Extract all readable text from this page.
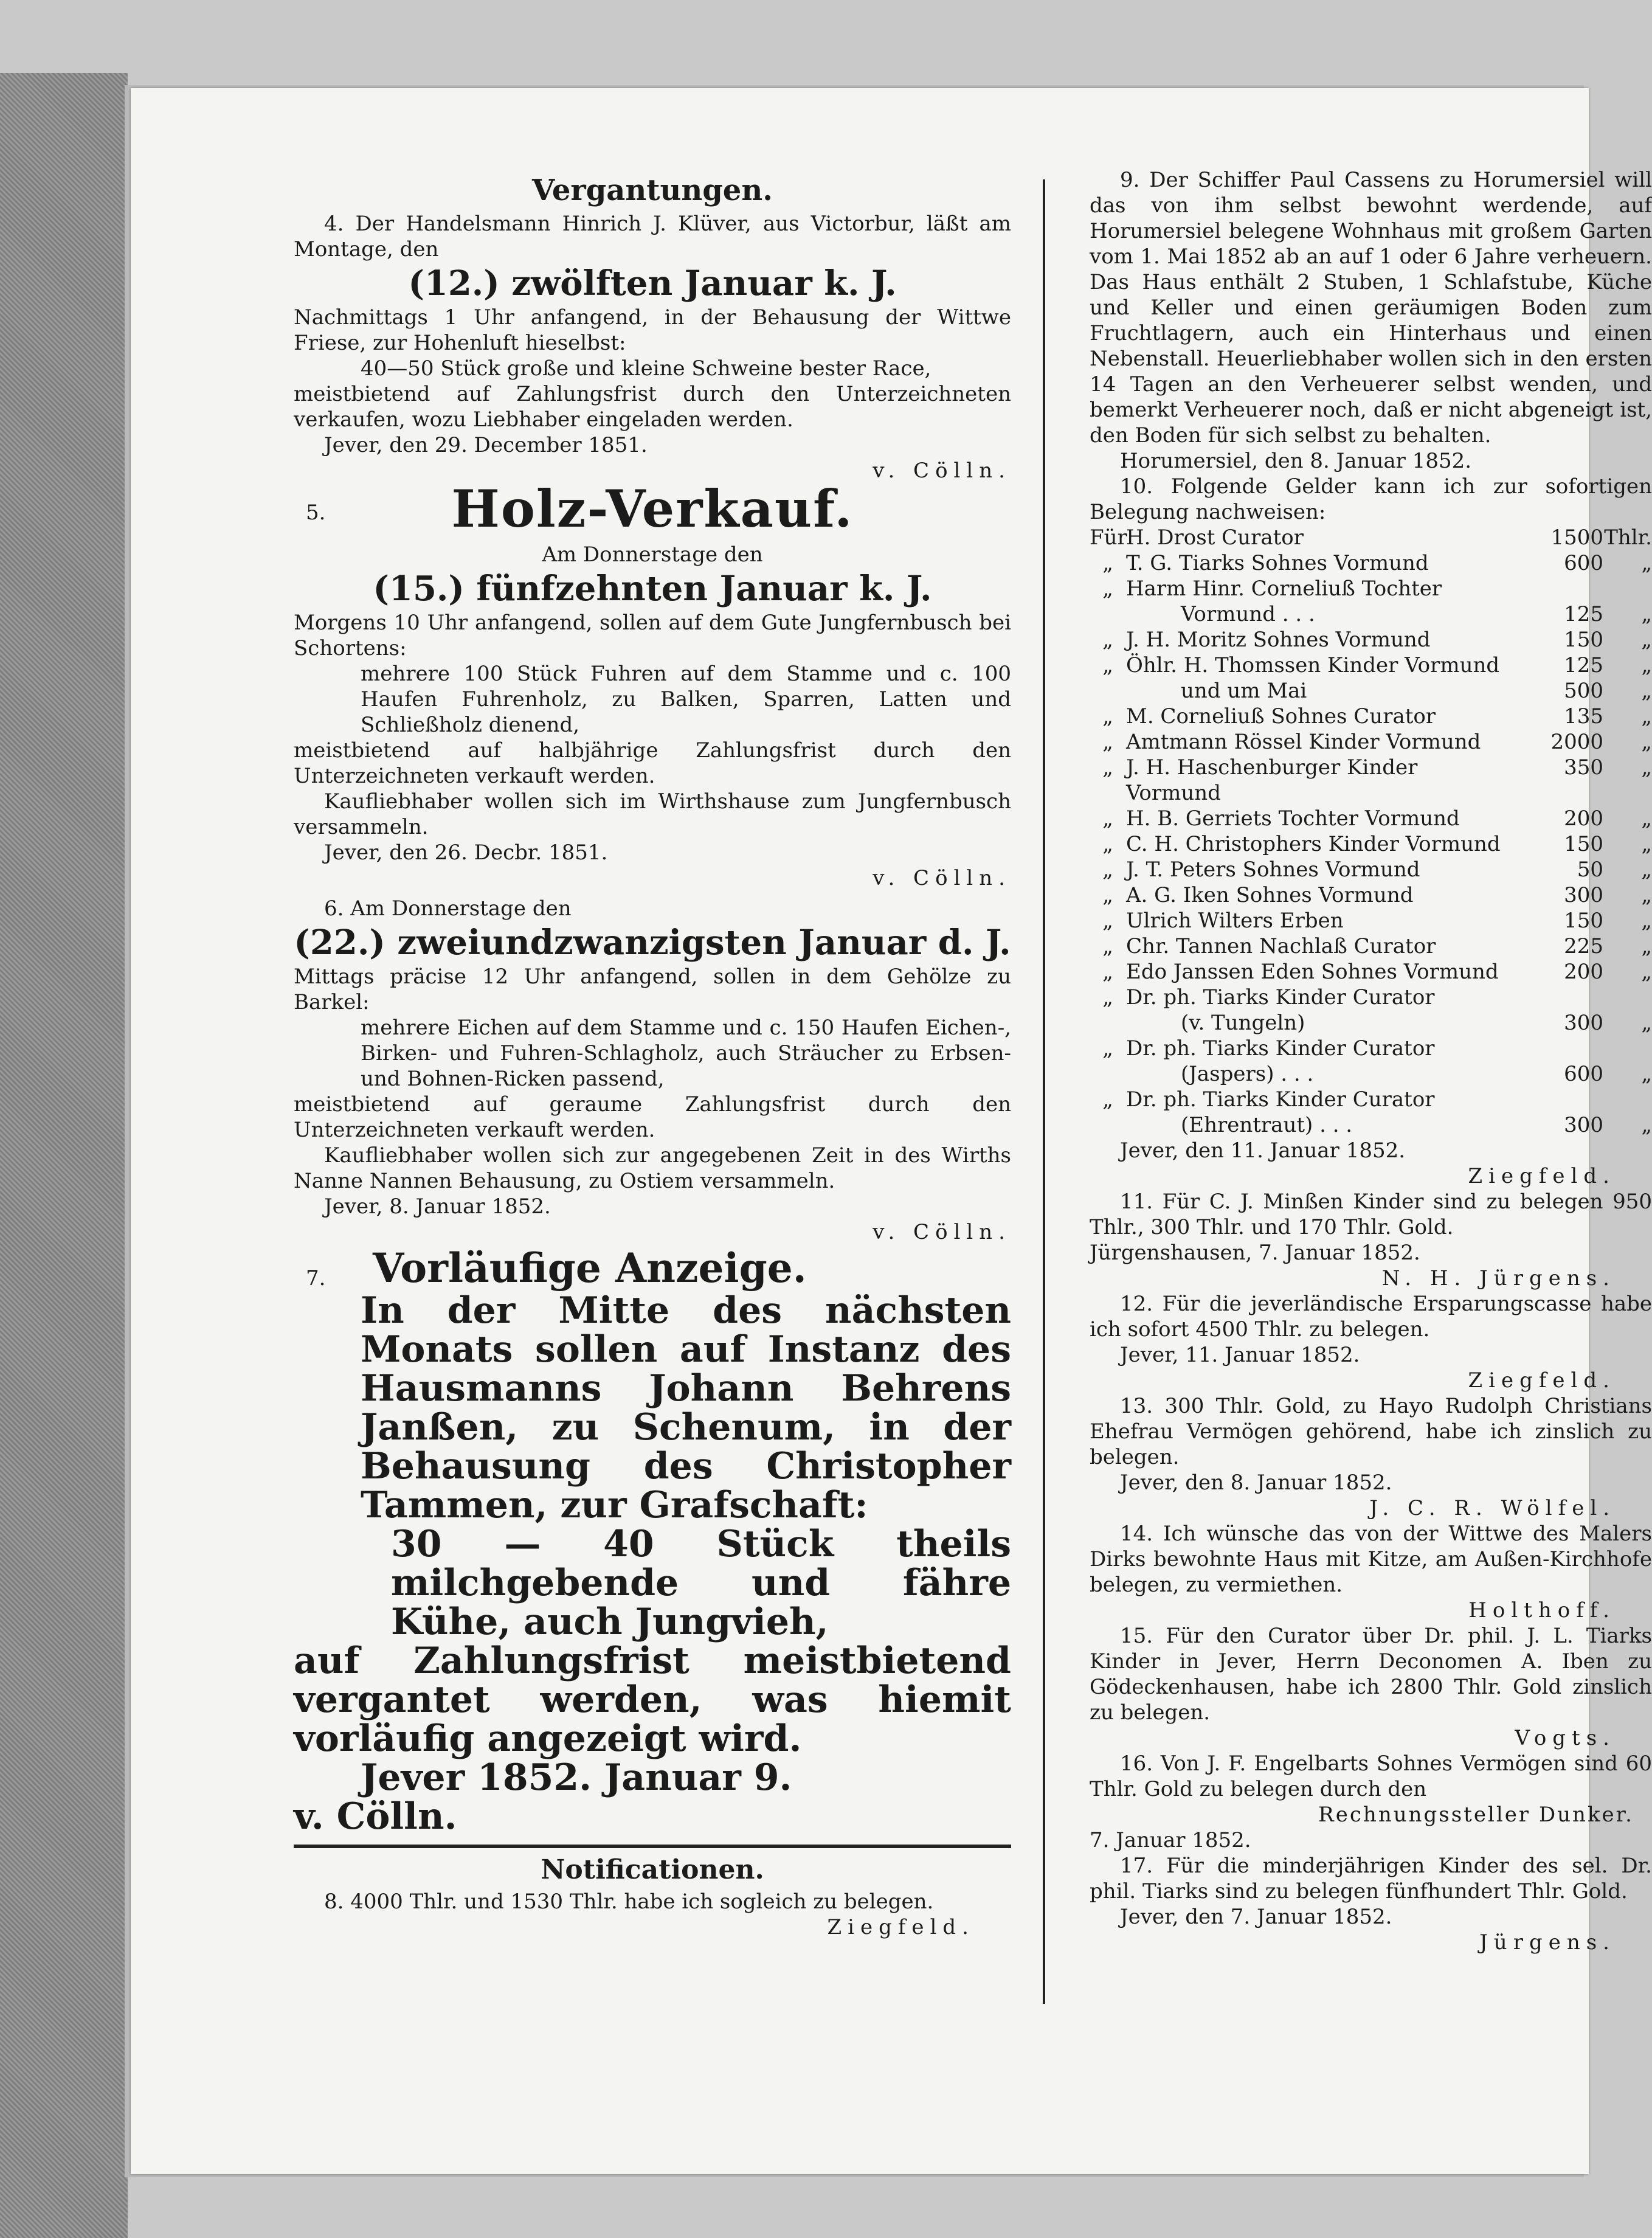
Vergantungen.

4. Der Handelsmann Hinrich J. Klüver, aus Victorbur, läßt am Montage, den

(12.) zwölften Januar k. J.

Nachmittags 1 Uhr anfangend, in der Behausung der Wittwe Friese, zur Hohenluft hieselbst:

40—50 Stück große und kleine Schweine bester Race,

meistbietend auf Zahlungsfrist durch den Unterzeichneten verkaufen, wozu Liebhaber eingeladen werden.

Jever, den 29. December 1851.

v. Cölln.

5.	Holz-Verkauf.

Am Donnerstage den

(15.) fünfzehnten Januar k. J.

Morgens 10 Uhr anfangend, sollen auf dem Gute Jungfernbusch bei Schortens:

mehrere 100 Stück Fuhren auf dem Stamme und c. 100 Haufen Fuhrenholz, zu Balken, Sparren, Latten und Schließholz dienend,

meistbietend auf halbjährige Zahlungsfrist durch den Unterzeichneten verkauft werden.

Kaufliebhaber wollen sich im Wirthshause zum Jungfernbusch versammeln.

Jever, den 26. Decbr. 1851.

v. Cölln.

6. Am Donnerstage den

(22.) zweiundzwanzigsten Januar d. J.

Mittags präcise 12 Uhr anfangend, sollen in dem Gehölze zu Barkel:

mehrere Eichen auf dem Stamme und c. 150 Haufen Eichen-, Birken- und Fuhren-Schlagholz, auch Sträucher zu Erbsen- und Bohnen-Ricken passend,

meistbietend auf geraume Zahlungsfrist durch den Unterzeichneten verkauft werden.

Kaufliebhaber wollen sich zur angegebenen Zeit in des Wirths Nanne Nannen Behausung, zu Ostiem versammeln.

Jever, 8. Januar 1852.

v. Cölln.

7.	Vorläufige Anzeige.

In der Mitte des nächsten Monats sollen auf Instanz des Hausmanns Johann Behrens Janßen, zu Schenum, in der Behausung des Christopher Tammen, zur Grafschaft:

30 — 40 Stück theils milchgebende und fähre Kühe, auch Jungvieh,

auf Zahlungsfrist meistbietend vergantet werden, was hiemit vorläufig angezeigt wird.

Jever 1852. Januar 9.

v. Cölln.

Notificationen.

8. 4000 Thlr. und 1530 Thlr. habe ich sogleich zu belegen.

Ziegfeld.

9. Der Schiffer Paul Cassens zu Horumersiel will das von ihm selbst bewohnt werdende, auf Horumersiel belegene Wohnhaus mit großem Garten vom 1. Mai 1852 ab an auf 1 oder 6 Jahre verheuern. Das Haus enthält 2 Stuben, 1 Schlafstube, Küche und Keller und einen geräumigen Boden zum Fruchtlagern, auch ein Hinterhaus und einen Nebenstall. Heuerliebhaber wollen sich in den ersten 14 Tagen an den Verheuerer selbst wenden, und bemerkt Verheuerer noch, daß er nicht abgeneigt ist, den Boden für sich selbst zu behalten.

Horumersiel, den 8. Januar 1852.

10. Folgende Gelder kann ich zur sofortigen Belegung nachweisen:

Für
H. Drost Curator	1500 Thlr.
„ T. G. Tiarks Sohnes Vormund	600	„
„ Harm Hinr. Corneliuß Tochter
Vormund . . .	125	„
„ J. H. Moritz Sohnes Vormund	150	„
„ Öhlr. H. Thomssen Kinder Vormund	125	„
und um Mai	500	„
„ M. Corneliuß Sohnes Curator	135	„
„ Amtmann Rössel Kinder Vormund	2000	„
„ J. H. Haschenburger Kinder Vormund
350	„
„ H. B. Gerriets Tochter Vormund	200	„
„ C. H. Christophers Kinder Vormund	150	„
„ J. T. Peters Sohnes Vormund	50	„
„ A. G. Iken Sohnes Vormund	300	„
„ Ulrich Wilters Erben	150	„
„ Chr. Tannen Nachlaß Curator	225	„
„ Edo Janssen Eden Sohnes Vormund	200	„
„ Dr. ph. Tiarks Kinder Curator
(v. Tungeln)	300	„
„ Dr. ph. Tiarks Kinder Curator
(Jaspers) . . .	600	„
„ Dr. ph. Tiarks Kinder Curator
(Ehrentraut) . . .	300	„

Jever, den 11. Januar 1852.

Ziegfeld.

11. Für C. J. Minßen Kinder sind zu belegen 950 Thlr., 300 Thlr. und 170 Thlr. Gold.

Jürgenshausen, 7. Januar 1852.

N. H. Jürgens.

12. Für die jeverländische Ersparungscasse habe ich sofort 4500 Thlr. zu belegen.

Jever, 11. Januar 1852.

Ziegfeld.

13. 300 Thlr. Gold, zu Hayo Rudolph Christians Ehefrau Vermögen gehörend, habe ich zinslich zu belegen.

Jever, den 8. Januar 1852.

J. C. R. Wölfel.

14. Ich wünsche das von der Wittwe des Malers Dirks bewohnte Haus mit Kitze, am Außen-Kirchhofe belegen, zu vermiethen.

Holthoff.

15. Für den Curator über Dr. phil. J. L. Tiarks Kinder in Jever, Herrn Deconomen A. Iben zu Gödeckenhausen, habe ich 2800 Thlr. Gold zinslich zu belegen.

Vogts.

16. Von J. F. Engelbarts Sohnes Vermögen sind 60 Thlr. Gold zu belegen durch den

Rechnungssteller Dunker.

7. Januar 1852.

17. Für die minderjährigen Kinder des sel. Dr. phil. Tiarks sind zu belegen fünfhundert Thlr. Gold.

Jever, den 7. Januar 1852.

Jürgens.
